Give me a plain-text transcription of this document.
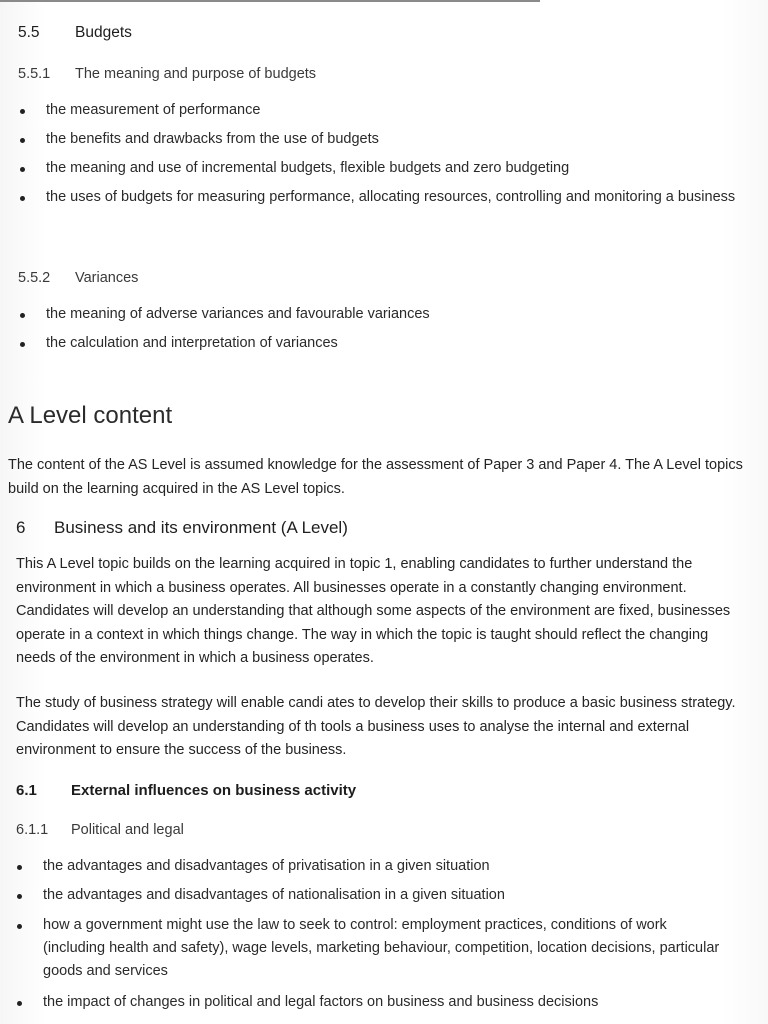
5.5 Budgets
5.5.1 The meaning and purpose of budgets
the measurement of performance
the benefits and drawbacks from the use of budgets
the meaning and use of incremental budgets, flexible budgets and zero budgeting
the uses of budgets for measuring performance, allocating resources, controlling and monitoring a business
5.5.2 Variances
the meaning of adverse variances and favourable variances
the calculation and interpretation of variances
A Level content
The content of the AS Level is assumed knowledge for the assessment of Paper 3 and Paper 4. The A Level topics
build on the learning acquired in the AS Level topics.
6 Business and its environment (A Level)
This A Level topic builds on the learning acquired in topic 1, enabling candidates to further understand the
environment in which a business operates. All businesses operate in a constantly changing environment.
Candidates will develop an understanding that although some aspects of the environment are fixed, businesses
operate in a context in which things change. The way in which the topic is taught should reflect the changing
needs of the environment in which a business operates.
The study of business strategy will enable candi ates to develop their skills to produce a basic business strategy.
Candidates will develop an understanding of th tools a business uses to analyse the internal and external
environment to ensure the success of the business.
6.1 External influences on business activity
6.1.1 Political and legal
the advantages and disadvantages of privatisation in a given situation
the advantages and disadvantages of nationalisation in a given situation
how a government might use the law to seek to control: employment practices, conditions of work
(including health and safety), wage levels, marketing behaviour, competition, location decisions, particular
goods and services
the impact of changes in political and legal factors on business and business decisions
